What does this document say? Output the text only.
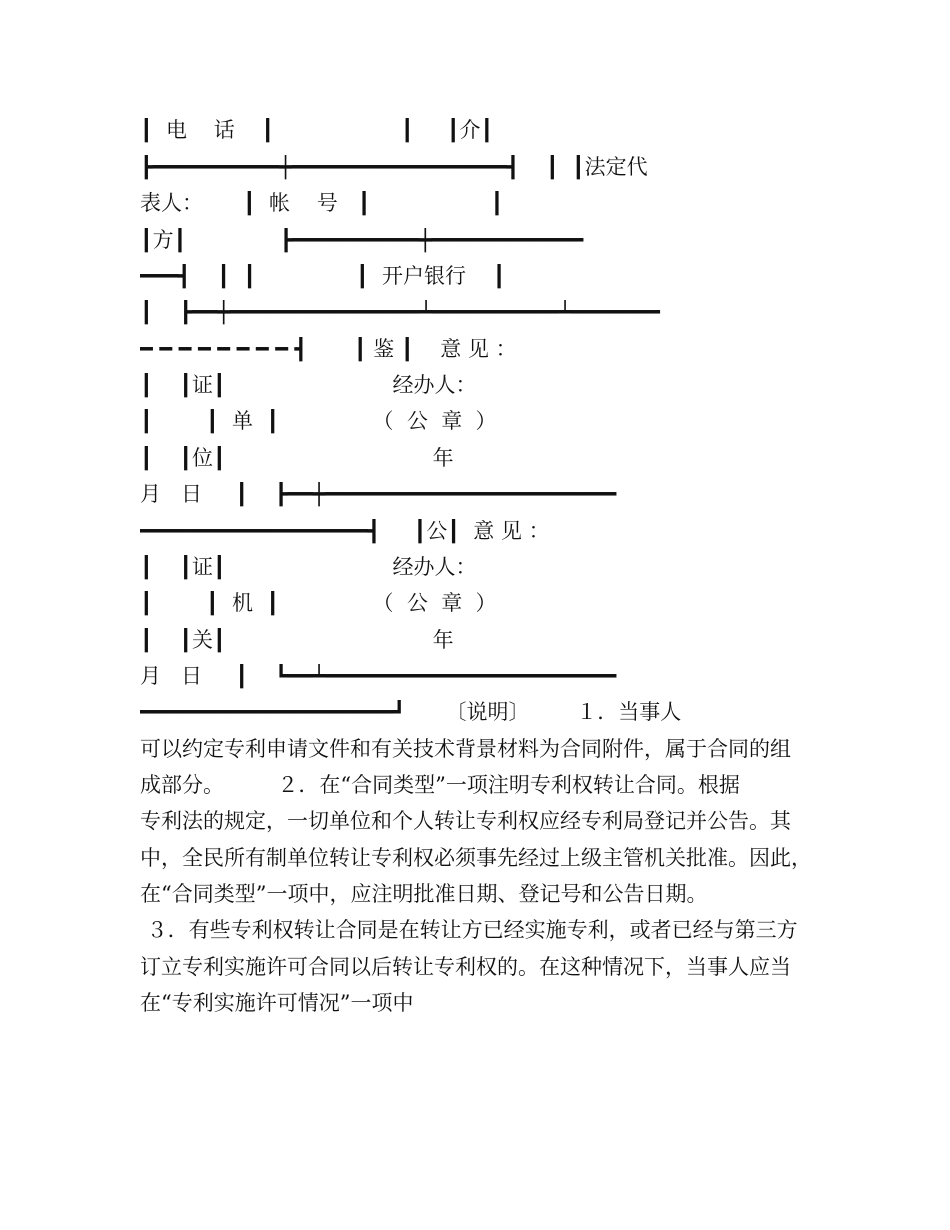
┃  电    话    ┃                   ┃     ┃介┃
┣━━━━━━━━━━┿━━━━━━━━━━━━━━━━━┫    ┃  ┃法定代
表人：      ┃  帐    号   ┃                  ┃
┃方┃              ┣━━━━━━━━━━┿━━━━━━━━━━━━
━━━┫    ┃  ┃               ┃  开户银行    ┃
┃    ┣━━┿━━━━━━━━━━━━━━━┷━━━━━━━━━━┷━━━━━━━
━ ━ ━ ━ ━ ━ ━ ━ ┫       ┃ 鉴 ┃    意 见 ：
┃    ┃证┃                         经办人：
┃        ┃  单  ┃              （  公  章  ）
┃    ┃位┃                               年
月   日     ┃    ┣━━┿━━━━━━━━━━━━━━━━━━━━━━━
━━━━━━━━━━━━━━━━━━┫     ┃公┃  意 见 ：
┃    ┃证┃                         经办人：
┃        ┃  机  ┃              （  公  章  ）
┃    ┃关┃                               年
月   日     ┃    ┗━━┷━━━━━━━━━━━━━━━━━━━━━━━
━━━━━━━━━━━━━━━━━━━━┛      〔说明〕       １．当事人
可以约定专利申请文件和有关技术背景材料为合同附件，属于合同的组
成部分。        ２．在“合同类型”一项注明专利权转让合同。根据
专利法的规定，一切单位和个人转让专利权应经专利局登记并公告。其
中，全民所有制单位转让专利权必须事先经过上级主管机关批准。因此，
在“合同类型”一项中，应注明批准日期、登记号和公告日期。
３．有些专利权转让合同是在转让方已经实施专利，或者已经与第三方
订立专利实施许可合同以后转让专利权的。在这种情况下，当事人应当
在“专利实施许可情况”一项中
